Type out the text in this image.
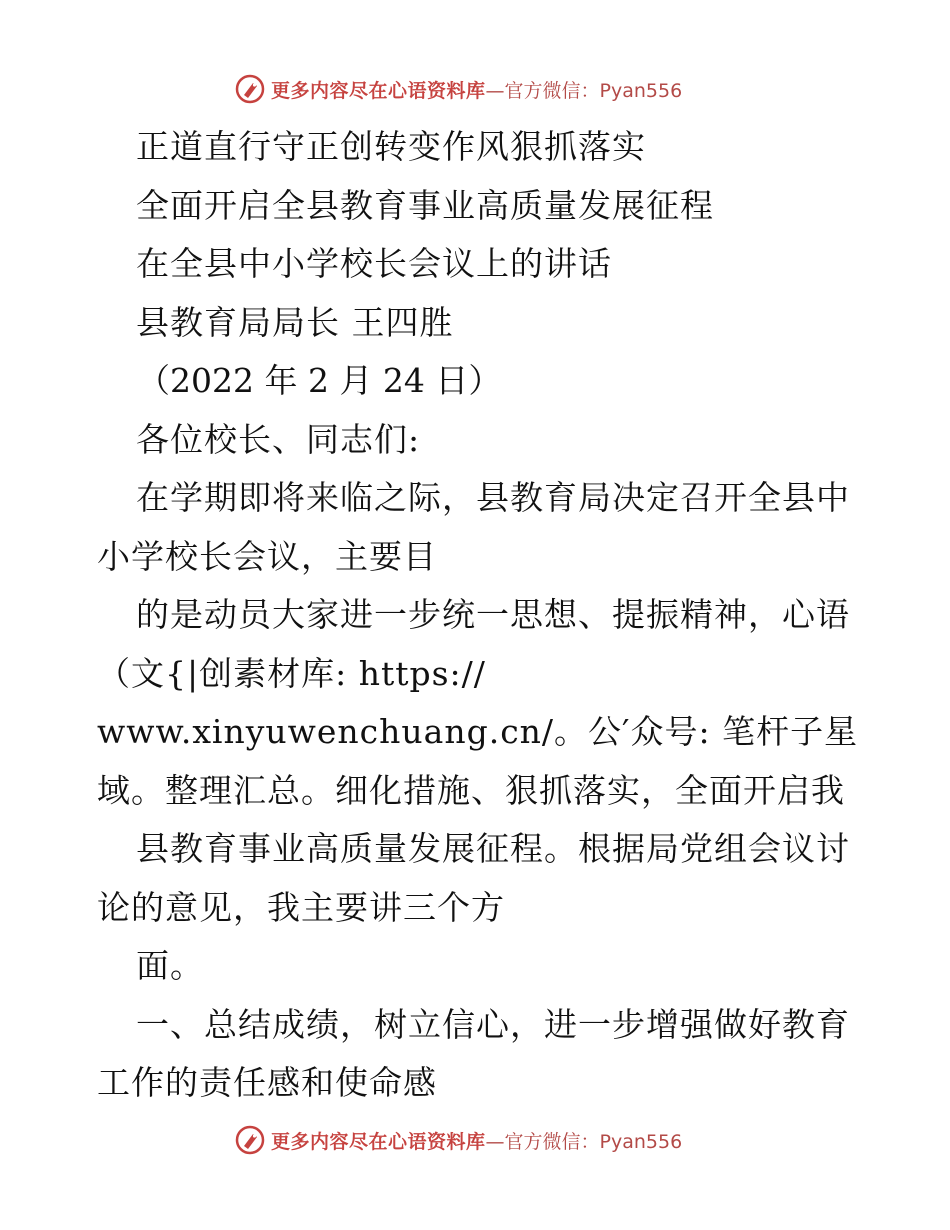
更多内容尽在心语资料库 —官方微信：Pyan556
正道直行守正创转变作风狠抓落实
全面开启全县教育事业高质量发展征程
在全县中小学校长会议上的讲话
县教育局局长 王四胜
（2022 年 2 月 24 日）
各位校长、同志们:
在学期即将来临之际，县教育局决定召开全县中
小学校长会议，主要目
的是动员大家进一步统一思想、提振精神，心语
（文{|创素材库: https://
www.xinyuwenchuang.cn/。公′众号: 笔杆子星
域。整理汇总。细化措施、狠抓落实，全面开启我
县教育事业高质量发展征程。根据局党组会议讨
论的意见，我主要讲三个方
面。
一、总结成绩，树立信心，进一步增强做好教育
工作的责任感和使命感
更多内容尽在心语资料库 —官方微信：Pyan556
